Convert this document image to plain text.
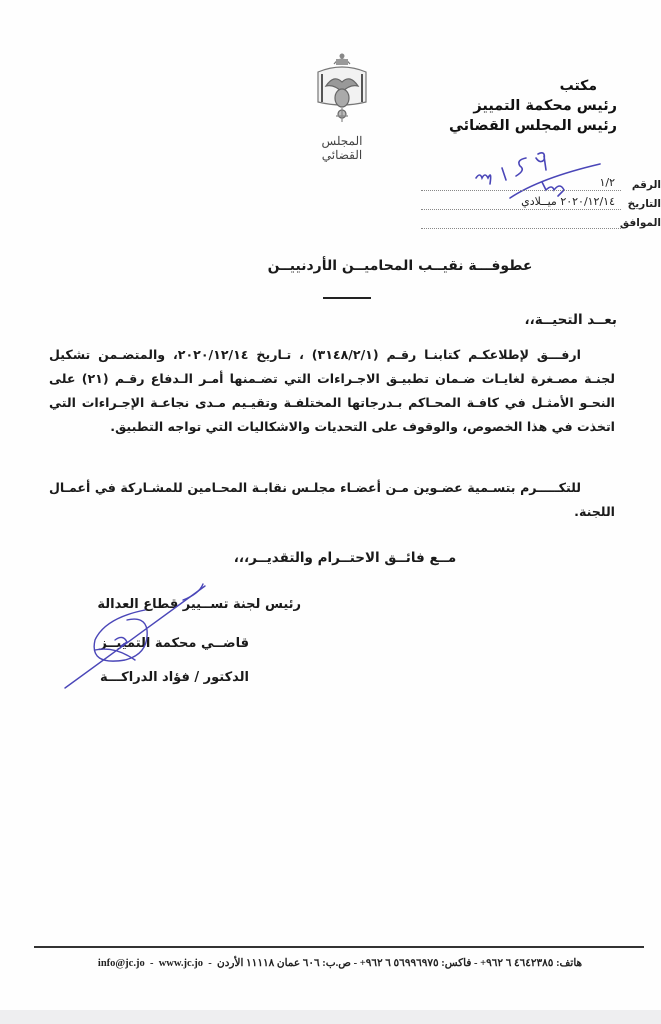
المجلس القضائي
مكتب
رئيس محكمة التمييز
رئيس المجلس القضائي
الرقم
١/٢
التاريخ
٢٠٢٠/١٢/١٤ ميــلادي
الموافق
عطوفـــة نقيــب المحاميــن الأردنييــن
بعــد التحيــة،،
ارفـــق لإطلاعكـم كتابنـا رقـم (٣١٤٨/٢/١) ، تـاريخ ٢٠٢٠/١٢/١٤، والمتضـمن تشكيل لجنـة مصـغرة لغايـات ضـمان تطبيـق الاجـراءات التي تضـمنها أمـر الـدفاع رقـم (٢١) على النحـو الأمثـل في كافـة المحـاكم بـدرجاتها المختلفـة وتقيـيم مـدى نجاعـة الإجـراءات التي اتخذت في هذا الخصوص، والوقوف على التحديات والاشكاليات التي تواجه التطبيق.
للتكـــــرم بتسـمية عضـوين مـن أعضـاء مجلـس نقابـة المحـامين للمشـاركة في أعمـال اللجنة.
مــع فائــق الاحتــرام والتقديــر،،،
رئيس لجنة تســيير قطاع العدالة
قاضــي محكمة التمييــز
الدكتور / فؤاد الدراكـــة
info@jc.jo - www.jc.jo - هاتف: ٤٦٤٢٣٨٥ ٦ ٩٦٢+ - فاكس: ٥٦٩٩٦٩٧٥ ٦ ٩٦٢+ - ص.ب: ٦٠٦ عمان ١١١١٨ الأردن
